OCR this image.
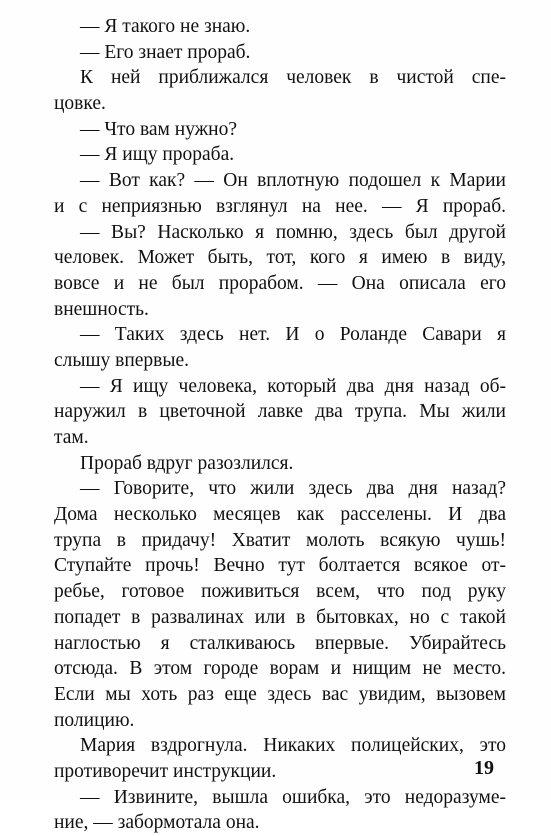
— Я такого не знаю.
— Его знает прораб.
К ней приближался человек в чистой спе-
цовке.
— Что вам нужно?
— Я ищу прораба.
— Вот как? — Он вплотную подошел к Марии
и с неприязнью взглянул на нее. — Я прораб.
— Вы? Насколько я помню, здесь был другой
человек. Может быть, тот, кого я имею в виду,
вовсе и не был прорабом. — Она описала его
внешность.
— Таких здесь нет. И о Роланде Савари я
слышу впервые.
— Я ищу человека, который два дня назад об-
наружил в цветочной лавке два трупа. Мы жили
там.
Прораб вдруг разозлился.
— Говорите, что жили здесь два дня назад?
Дома несколько месяцев как расселены. И два
трупа в придачу! Хватит молоть всякую чушь!
Ступайте прочь! Вечно тут болтается всякое от-
ребье, готовое поживиться всем, что под руку
попадет в развалинах или в бытовках, но с такой
наглостью я сталкиваюсь впервые. Убирайтесь
отсюда. В этом городе ворам и нищим не место.
Если мы хоть раз еще здесь вас увидим, вызовем
полицию.
Мария вздрогнула. Никаких полицейских, это
противоречит инструкции.
— Извините, вышла ошибка, это недоразуме-
ние, — забормотала она.
19
